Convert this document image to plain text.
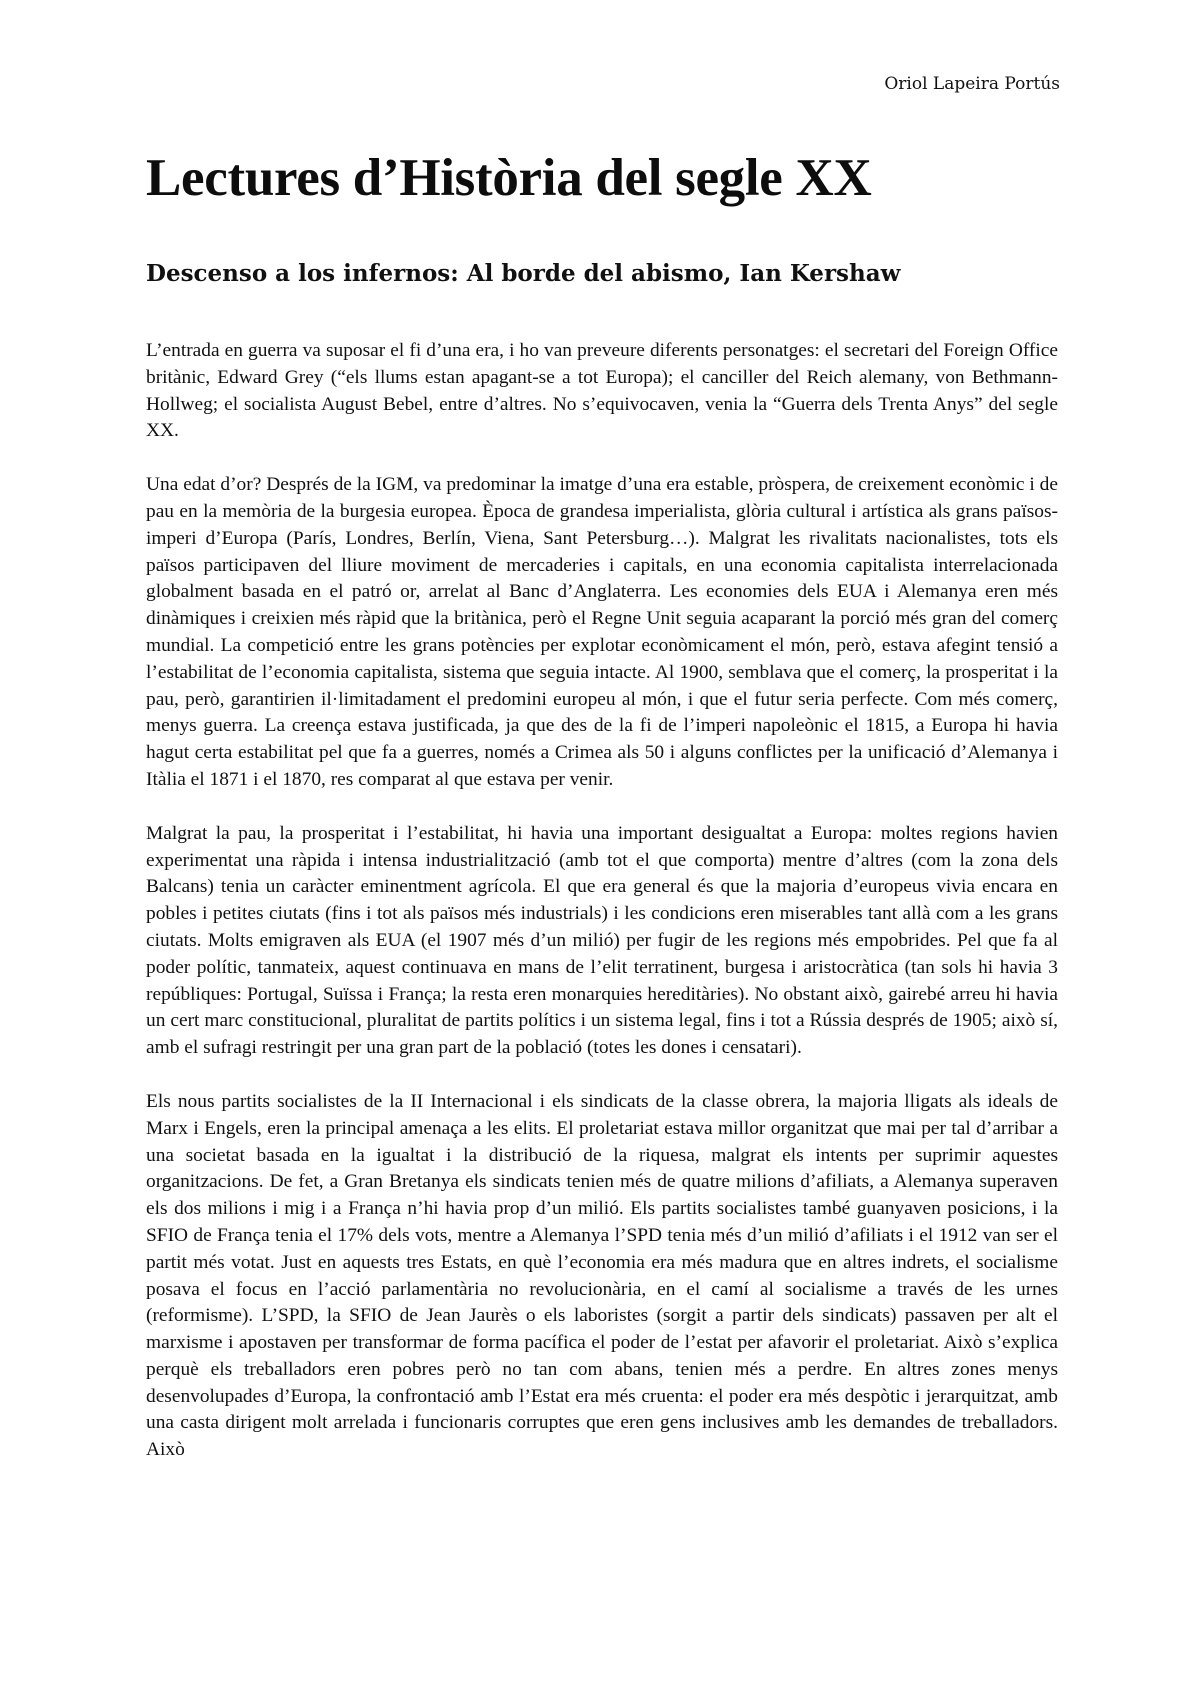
Oriol Lapeira Portús
Lectures d’Història del segle XX
Descenso a los infernos: Al borde del abismo, Ian Kershaw

L’entrada en guerra va suposar el fi d’una era, i ho van preveure diferents personatges: el secretari del Foreign Office britànic, Edward Grey (“els llums estan apagant-se a tot Europa); el canciller del Reich alemany, von Bethmann-Hollweg; el socialista August Bebel, entre d’altres. No s’equivocaven, venia la “Guerra dels Trenta Anys” del segle XX.

Una edat d’or? Després de la IGM, va predominar la imatge d’una era estable, pròspera, de creixement econòmic i de pau en la memòria de la burgesia europea. Època de grandesa imperialista, glòria cultural i artística als grans països-imperi d’Europa (París, Londres, Berlín, Viena, Sant Petersburg…). Malgrat les rivalitats nacionalistes, tots els països participaven del lliure moviment de mercaderies i capitals, en una economia capitalista interrelacionada globalment basada en el patró or, arrelat al Banc d’Anglaterra. Les economies dels EUA i Alemanya eren més dinàmiques i creixien més ràpid que la britànica, però el Regne Unit seguia acaparant la porció més gran del comerç mundial. La competició entre les grans potències per explotar econòmicament el món, però, estava afegint tensió a l’estabilitat de l’economia capitalista, sistema que seguia intacte. Al 1900, semblava que el comerç, la prosperitat i la pau, però, garantirien il·limitadament el predomini europeu al món, i que el futur seria perfecte. Com més comerç, menys guerra. La creença estava justificada, ja que des de la fi de l’imperi napoleònic el 1815, a Europa hi havia hagut certa estabilitat pel que fa a guerres, només a Crimea als 50 i alguns conflictes per la unificació d’Alemanya i Itàlia el 1871 i el 1870, res comparat al que estava per venir.

Malgrat la pau, la prosperitat i l’estabilitat, hi havia una important desigualtat a Europa: moltes regions havien experimentat una ràpida i intensa industrialització (amb tot el que comporta) mentre d’altres (com la zona dels Balcans) tenia un caràcter eminentment agrícola. El que era general és que la majoria d’europeus vivia encara en pobles i petites ciutats (fins i tot als països més industrials) i les condicions eren miserables tant allà com a les grans ciutats. Molts emigraven als EUA (el 1907 més d’un milió) per fugir de les regions més empobrides. Pel que fa al poder polític, tanmateix, aquest continuava en mans de l’elit terratinent, burgesa i aristocràtica (tan sols hi havia 3 repúbliques: Portugal, Suïssa i França; la resta eren monarquies hereditàries). No obstant això, gairebé arreu hi havia un cert marc constitucional, pluralitat de partits polítics i un sistema legal, fins i tot a Rússia després de 1905; això sí, amb el sufragi restringit per una gran part de la població (totes les dones i censatari).

Els nous partits socialistes de la II Internacional i els sindicats de la classe obrera, la majoria lligats als ideals de Marx i Engels, eren la principal amenaça a les elits. El proletariat estava millor organitzat que mai per tal d’arribar a una societat basada en la igualtat i la distribució de la riquesa, malgrat els intents per suprimir aquestes organitzacions. De fet, a Gran Bretanya els sindicats tenien més de quatre milions d’afiliats, a Alemanya superaven els dos milions i mig i a França n’hi havia prop d’un milió. Els partits socialistes també guanyaven posicions, i la SFIO de França tenia el 17% dels vots, mentre a Alemanya l’SPD tenia més d’un milió d’afiliats i el 1912 van ser el partit més votat. Just en aquests tres Estats, en què l’economia era més madura que en altres indrets, el socialisme posava el focus en l’acció parlamentària no revolucionària, en el camí al socialisme a través de les urnes (reformisme). L’SPD, la SFIO de Jean Jaurès o els laboristes (sorgit a partir dels sindicats) passaven per alt el marxisme i apostaven per transformar de forma pacífica el poder de l’estat per afavorir el proletariat. Això s’explica perquè els treballadors eren pobres però no tan com abans, tenien més a perdre. En altres zones menys desenvolupades d’Europa, la confrontació amb l’Estat era més cruenta: el poder era més despòtic i jerarquitzat, amb una casta dirigent molt arrelada i funcionaris corruptes que eren gens inclusives amb les demandes de treballadors. Això
